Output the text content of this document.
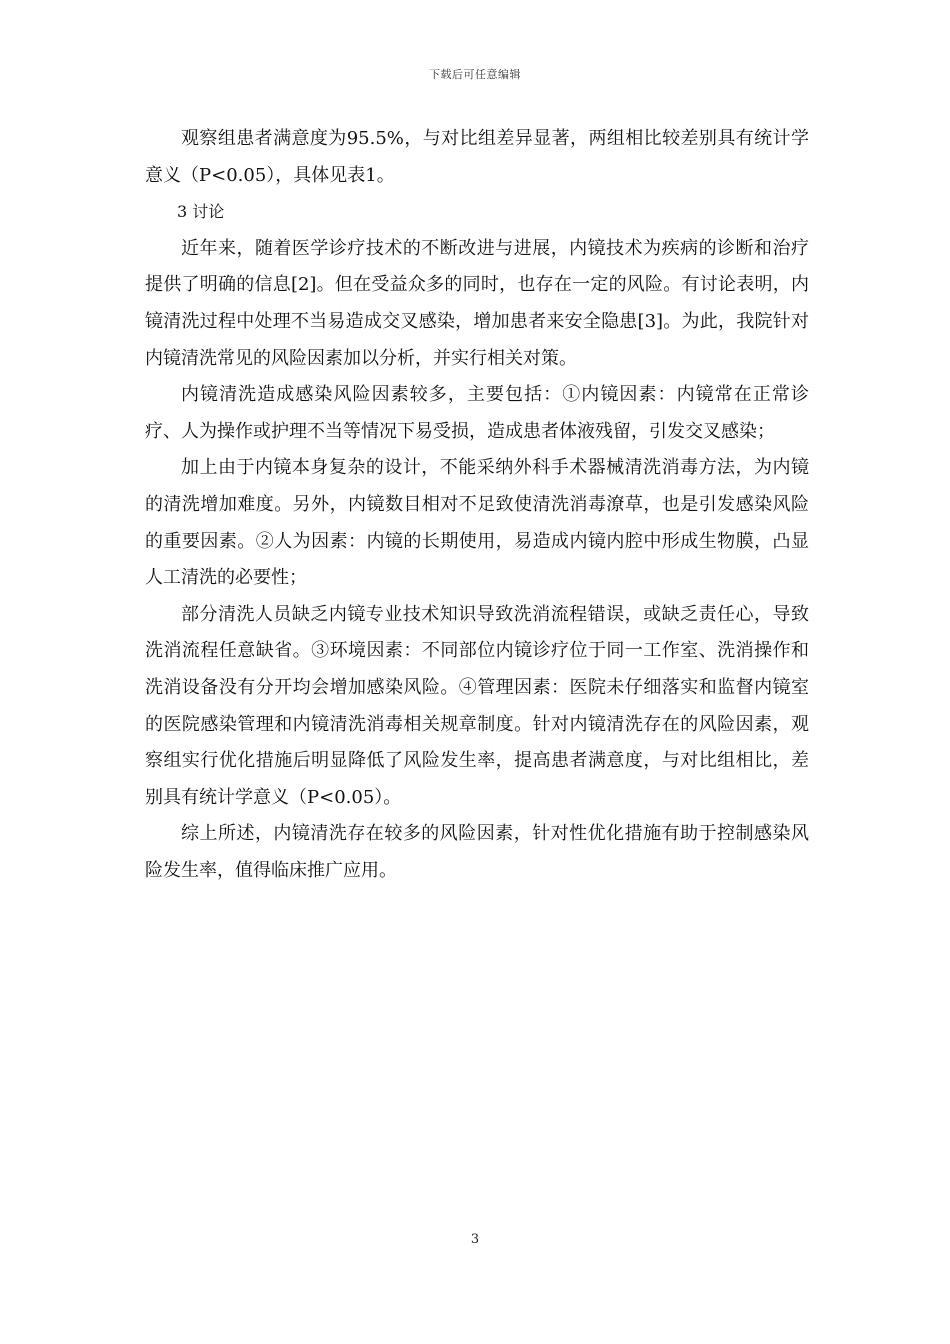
下载后可任意编辑

观察组患者满意度为95.5%，与对比组差异显著，两组相比较差别具有统计学意义（P<0.05），具体见表1。

3 讨论

近年来，随着医学诊疗技术的不断改进与进展，内镜技术为疾病的诊断和治疗提供了明确的信息[2]。但在受益众多的同时，也存在一定的风险。有讨论表明，内镜清洗过程中处理不当易造成交叉感染，增加患者来安全隐患[3]。为此，我院针对内镜清洗常见的风险因素加以分析，并实行相关对策。

内镜清洗造成感染风险因素较多，主要包括：①内镜因素：内镜常在正常诊疗、人为操作或护理不当等情况下易受损，造成患者体液残留，引发交叉感染；

加上由于内镜本身复杂的设计，不能采纳外科手术器械清洗消毒方法，为内镜的清洗增加难度。另外，内镜数目相对不足致使清洗消毒潦草，也是引发感染风险的重要因素。②人为因素：内镜的长期使用，易造成内镜内腔中形成生物膜，凸显人工清洗的必要性；

部分清洗人员缺乏内镜专业技术知识导致洗消流程错误，或缺乏责任心，导致洗消流程任意缺省。③环境因素：不同部位内镜诊疗位于同一工作室、洗消操作和洗消设备没有分开均会增加感染风险。④管理因素：医院未仔细落实和监督内镜室的医院感染管理和内镜清洗消毒相关规章制度。针对内镜清洗存在的风险因素，观察组实行优化措施后明显降低了风险发生率，提高患者满意度，与对比组相比，差别具有统计学意义（P<0.05）。

综上所述，内镜清洗存在较多的风险因素，针对性优化措施有助于控制感染风险发生率，值得临床推广应用。

3
